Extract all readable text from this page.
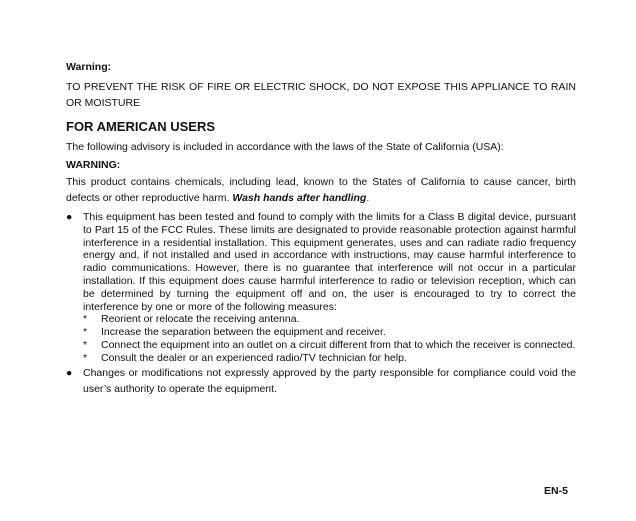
Warning:
TO PREVENT THE RISK OF FIRE OR ELECTRIC SHOCK, DO NOT EXPOSE THIS APPLIANCE TO RAIN OR MOISTURE
FOR AMERICAN USERS
The following advisory is included in accordance with the laws of the State of California (USA):
WARNING:
This product contains chemicals, including lead, known to the States of California to cause cancer, birth defects or other reproductive harm. Wash hands after handling.
● This equipment has been tested and found to comply with the limits for a Class B digital device, pursuant to Part 15 of the FCC Rules. These limits are designated to provide reasonable protection against harmful interference in a residential installation. This equipment generates, uses and can radiate radio frequency energy and, if not installed and used in accordance with instructions, may cause harmful interference to radio communications. However, there is no guarantee that interference will not occur in a particular installation. If this equipment does cause harmful interference to radio or television reception, which can be determined by turning the equipment off and on, the user is encouraged to try to correct the interference by one or more of the following measures:
* Reorient or relocate the receiving antenna.
* Increase the separation between the equipment and receiver.
* Connect the equipment into an outlet on a circuit different from that to which the receiver is connected.
* Consult the dealer or an experienced radio/TV technician for help.
● Changes or modifications not expressly approved by the party responsible for compliance could void the user’s authority to operate the equipment.
EN-5
